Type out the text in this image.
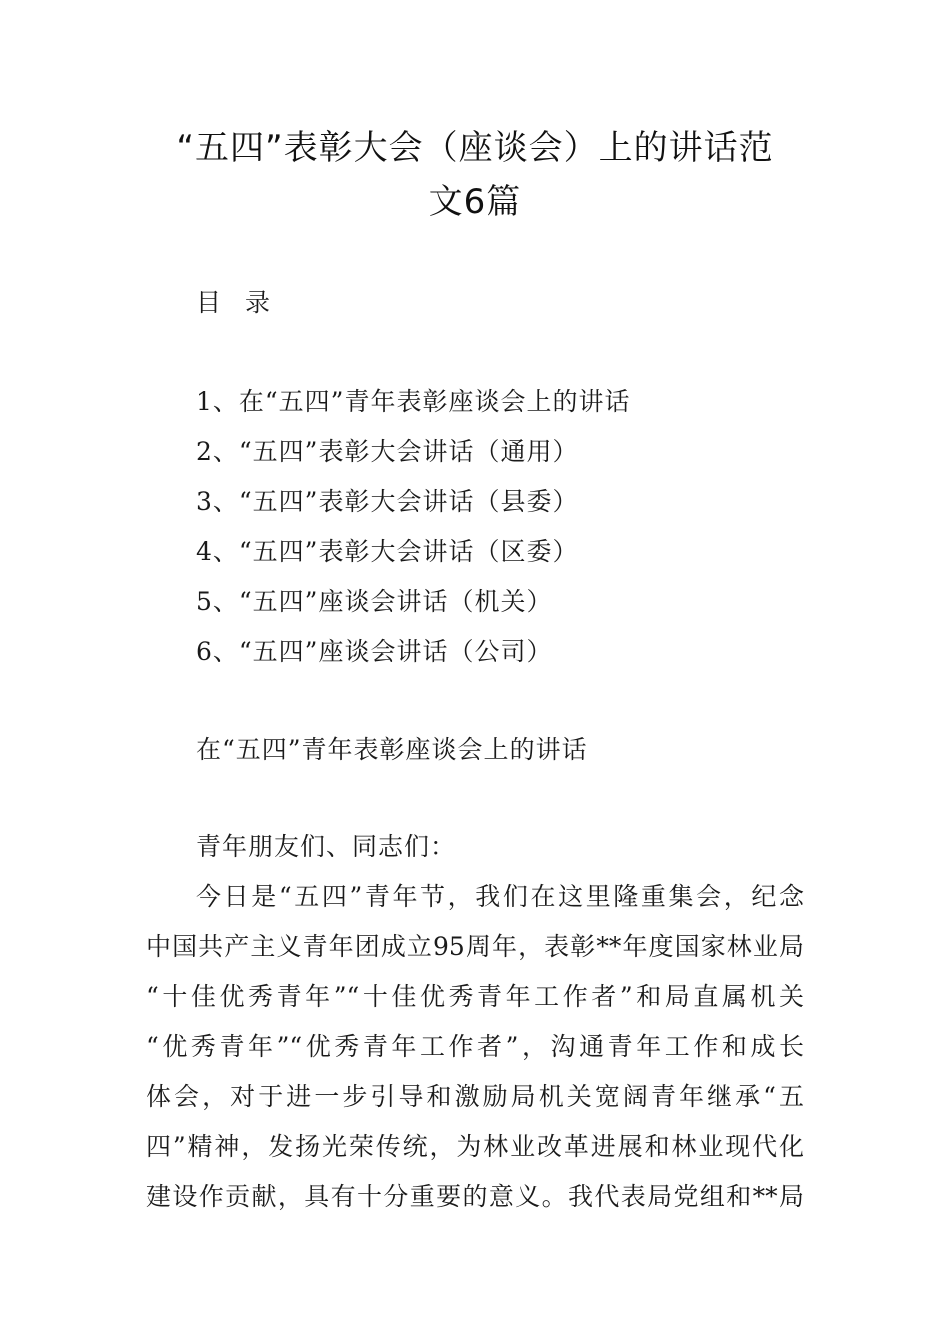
“五四”表彰大会（座谈会）上的讲话范
文6篇
目 录
1、在“五四”青年表彰座谈会上的讲话
2、“五四”表彰大会讲话（通用）
3、“五四”表彰大会讲话（县委）
4、“五四”表彰大会讲话（区委）
5、“五四”座谈会讲话（机关）
6、“五四”座谈会讲话（公司）
在“五四”青年表彰座谈会上的讲话
青年朋友们、同志们：
今日是“五四”青年节，我们在这里隆重集会，纪念
中国共产主义青年团成立95周年，表彰**年度国家林业局
“十佳优秀青年”“十佳优秀青年工作者”和局直属机关
“优秀青年”“优秀青年工作者”，沟通青年工作和成长
体会，对于进一步引导和激励局机关宽阔青年继承“五
四”精神，发扬光荣传统，为林业改革进展和林业现代化
建设作贡献，具有十分重要的意义。我代表局党组和**局
